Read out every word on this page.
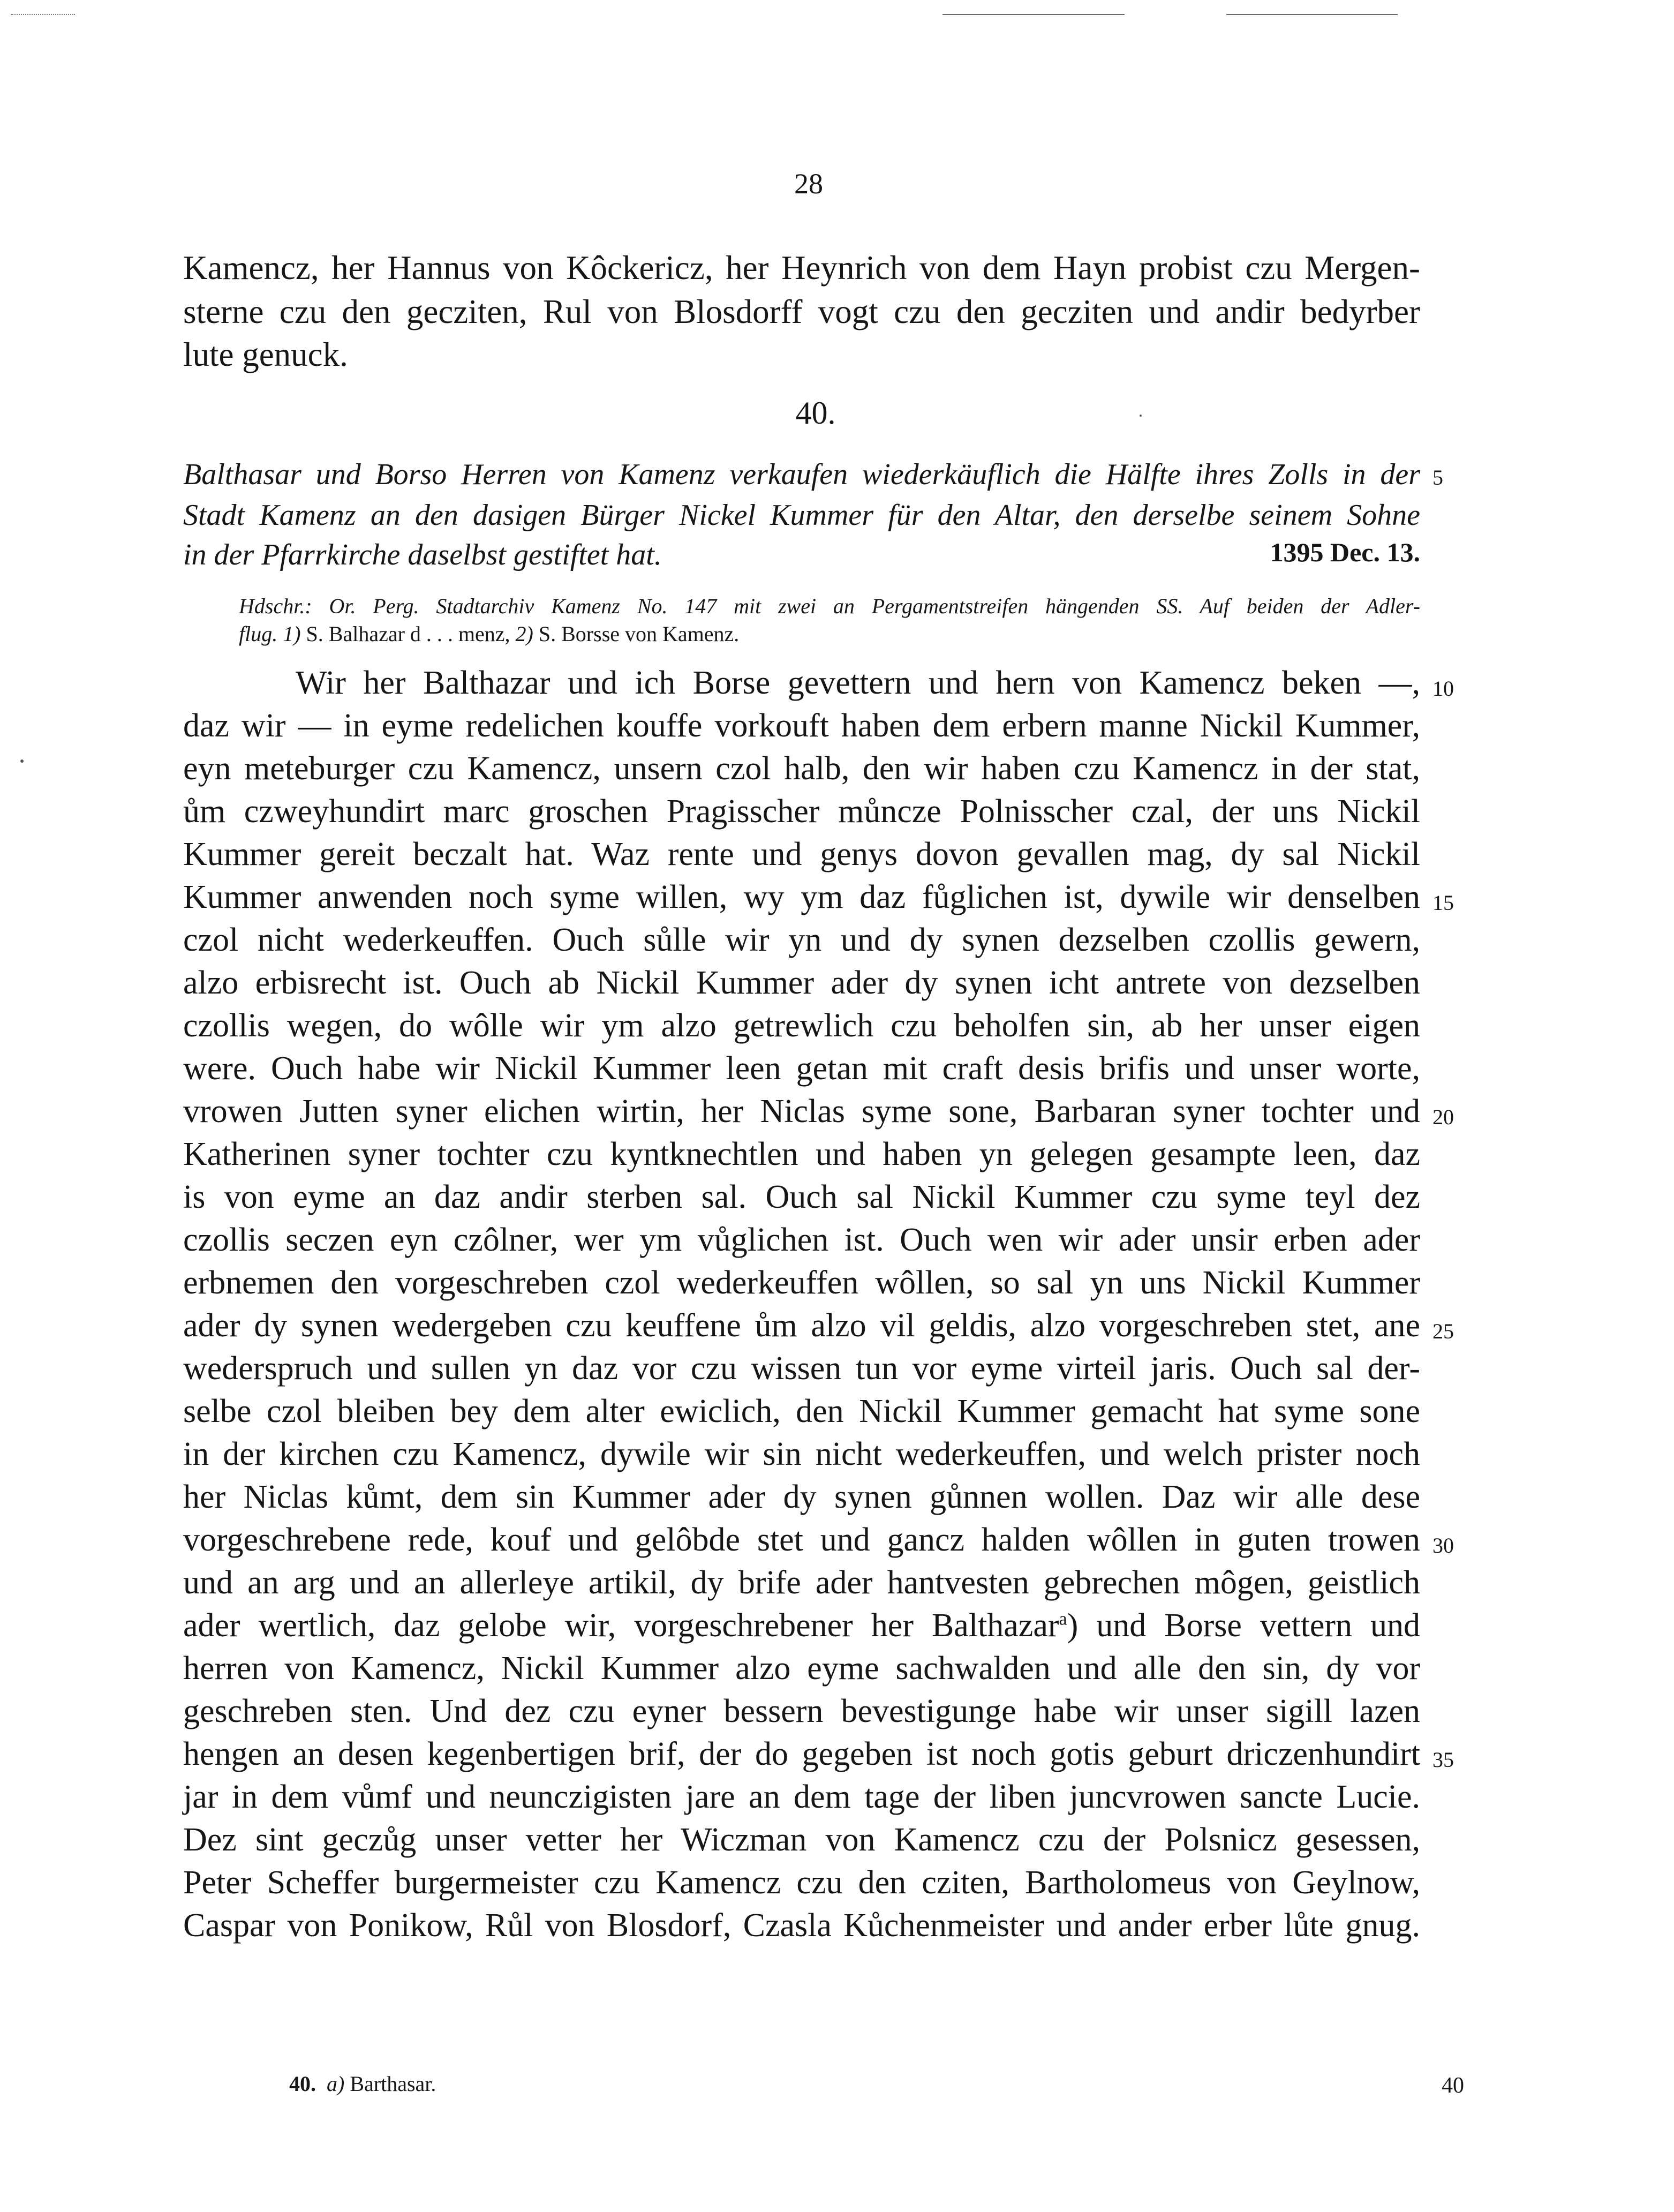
28
Kamencz, her Hannus von Kôckericz, her Heynrich von dem Hayn probist czu Mergen-
sterne czu den gecziten, Rul von Blosdorff vogt czu den gecziten und andir bedyrber
lute genuck.
40.
Balthasar und Borso Herren von Kamenz verkaufen wiederkäuflich die Hälfte ihres Zolls in der
Stadt Kamenz an den dasigen Bürger Nickel Kummer für den Altar, den derselbe seinem Sohne
in der Pfarrkirche daselbst gestiftet hat.	1395 Dec. 13.
Hdschr.: Or. Perg. Stadtarchiv Kamenz No. 147 mit zwei an Pergamentstreifen hängenden SS. Auf beiden der Adler-
flug. 1) S. Balhazar d . . . menz, 2) S. Borsse von Kamenz.
Wir her Balthazar und ich Borse gevettern und hern von Kamencz beken —,
daz wir — in eyme redelichen kouffe vorkouft haben dem erbern manne Nickil Kummer,
eyn meteburger czu Kamencz, unsern czol halb, den wir haben czu Kamencz in der stat,
ům czweyhundirt marc groschen Pragisscher můncze Polnisscher czal, der uns Nickil
Kummer gereit beczalt hat. Waz rente und genys dovon gevallen mag, dy sal Nickil
Kummer anwenden noch syme willen, wy ym daz fůglichen ist, dywile wir denselben
czol nicht wederkeuffen. Ouch sůlle wir yn und dy synen dezselben czollis gewern,
alzo erbisrecht ist. Ouch ab Nickil Kummer ader dy synen icht antrete von dezselben
czollis wegen, do wôlle wir ym alzo getrewlich czu beholfen sin, ab her unser eigen
were. Ouch habe wir Nickil Kummer leen getan mit craft desis brifis und unser worte,
vrowen Jutten syner elichen wirtin, her Niclas syme sone, Barbaran syner tochter und
Katherinen syner tochter czu kyntknechtlen und haben yn gelegen gesampte leen, daz
is von eyme an daz andir sterben sal. Ouch sal Nickil Kummer czu syme teyl dez
czollis seczen eyn czôlner, wer ym vůglichen ist. Ouch wen wir ader unsir erben ader
erbnemen den vorgeschreben czol wederkeuffen wôllen, so sal yn uns Nickil Kummer
ader dy synen wedergeben czu keuffene ům alzo vil geldis, alzo vorgeschreben stet, ane
wederspruch und sullen yn daz vor czu wissen tun vor eyme virteil jaris. Ouch sal der-
selbe czol bleiben bey dem alter ewiclich, den Nickil Kummer gemacht hat syme sone
in der kirchen czu Kamencz, dywile wir sin nicht wederkeuffen, und welch prister noch
her Niclas kůmt, dem sin Kummer ader dy synen gůnnen wollen. Daz wir alle dese
vorgeschrebene rede, kouf und gelôbde stet und gancz halden wôllen in guten trowen
und an arg und an allerleye artikil, dy brife ader hantvesten gebrechen môgen, geistlich
ader wertlich, daz gelobe wir, vorgeschrebener her Balthazar$^a$) und Borse vettern und
herren von Kamencz, Nickil Kummer alzo eyme sachwalden und alle den sin, dy vor
geschreben sten. Und dez czu eyner bessern bevestigunge habe wir unser sigill lazen
hengen an desen kegenbertigen brif, der do gegeben ist noch gotis geburt driczenhundirt
jar in dem vůmf und neunczigisten jare an dem tage der liben juncvrowen sancte Lucie.
Dez sint geczůg unser vetter her Wiczman von Kamencz czu der Polsnicz gesessen,
Peter Scheffer burgermeister czu Kamencz czu den cziten, Bartholomeus von Geylnow,
Caspar von Ponikow, Růl von Blosdorf, Czasla Kůchenmeister und ander erber lůte gnug.
5
10
15
20
25
30
35
40. a) Barthasar.	40
